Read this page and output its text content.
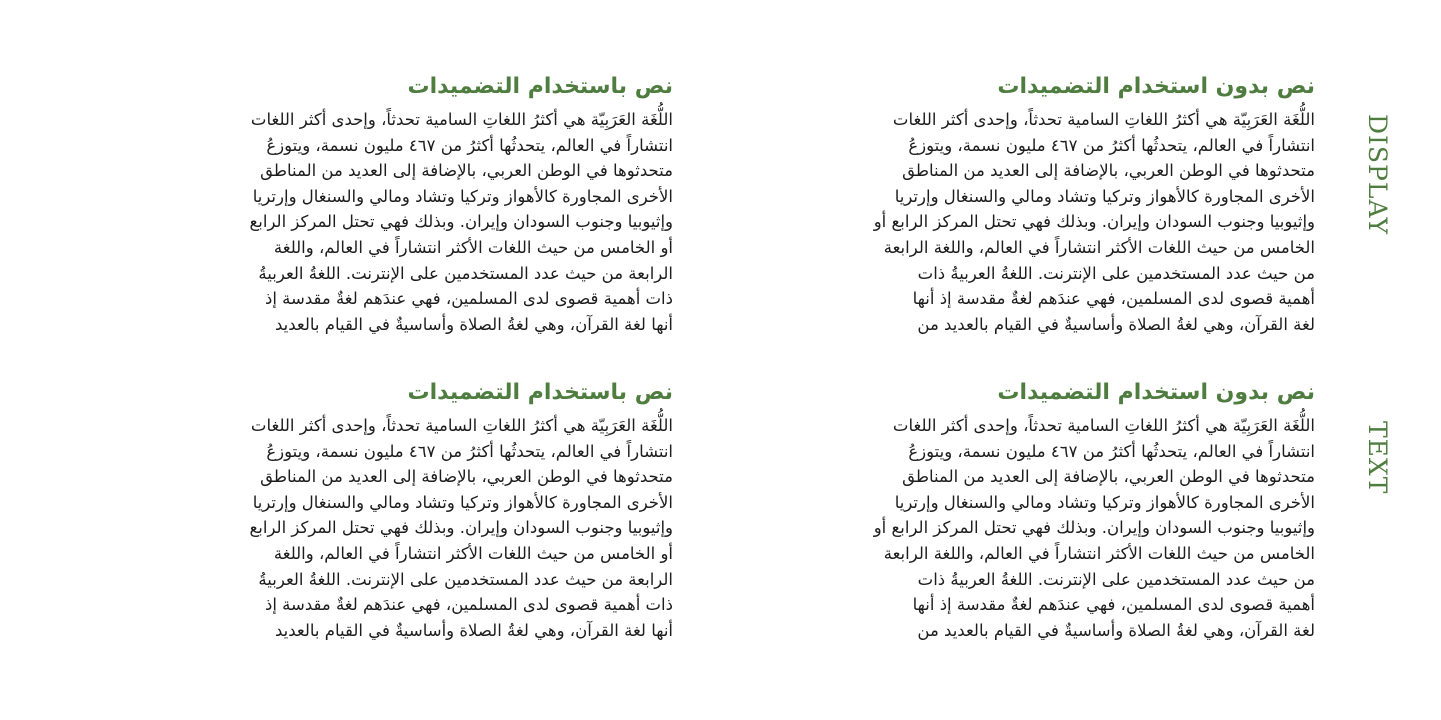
نص بدون استخدام التضميدات
اللُّغَة العَرَبِيّة هي أكثرُ اللغاتِ السامية تحدثاً، وإحدى أكثر اللغات
انتشاراً في العالم، يتحدثُها أكثرُ من ٤٦٧ مليون نسمة، ويتوزعُ
متحدثوها في الوطن العربي، بالإضافة إلى العديد من المناطق
الأخرى المجاورة كالأهواز وتركيا وتشاد ومالي والسنغال وإرتريا
وإثيوبيا وجنوب السودان وإيران. وبذلك فهي تحتل المركز الرابع أو
الخامس من حيث اللغات الأكثر انتشاراً في العالم، واللغة الرابعة
من حيث عدد المستخدمين على الإنترنت. اللغةُ العربيةُ ذات
أهمية قصوى لدى المسلمين، فهي عندَهم لغةٌ مقدسة إذ أنها
لغة القرآن، وهي لغةُ الصلاة وأساسيةٌ في القيام بالعديد من
نص باستخدام التضميدات
اللُّغَة العَرَبِيّة هي أكثرُ اللغاتِ السامية تحدثاً، وإحدى أكثر اللغات
انتشاراً في العالم، يتحدثُها أكثرُ من ٤٦٧ مليون نسمة، ويتوزعُ
متحدثوها في الوطن العربي، بالإضافة إلى العديد من المناطق
الأخرى المجاورة كالأهواز وتركيا وتشاد ومالي والسنغال وإرتريا
وإثيوبيا وجنوب السودان وإيران. وبذلك فهي تحتل المركز الرابع
أو الخامس من حيث اللغات الأكثر انتشاراً في العالم، واللغة
الرابعة من حيث عدد المستخدمين على الإنترنت. اللغةُ العربيةُ
ذات أهمية قصوى لدى المسلمين، فهي عندَهم لغةٌ مقدسة إذ
أنها لغة القرآن، وهي لغةُ الصلاة وأساسيةٌ في القيام بالعديد
نص بدون استخدام التضميدات
اللُّغَة العَرَبِيّة هي أكثرُ اللغاتِ السامية تحدثاً، وإحدى أكثر اللغات
انتشاراً في العالم، يتحدثُها أكثرُ من ٤٦٧ مليون نسمة، ويتوزعُ
متحدثوها في الوطن العربي، بالإضافة إلى العديد من المناطق
الأخرى المجاورة كالأهواز وتركيا وتشاد ومالي والسنغال وإرتريا
وإثيوبيا وجنوب السودان وإيران. وبذلك فهي تحتل المركز الرابع أو
الخامس من حيث اللغات الأكثر انتشاراً في العالم، واللغة الرابعة
من حيث عدد المستخدمين على الإنترنت. اللغةُ العربيةُ ذات
أهمية قصوى لدى المسلمين، فهي عندَهم لغةٌ مقدسة إذ أنها
لغة القرآن، وهي لغةُ الصلاة وأساسيةٌ في القيام بالعديد من
نص باستخدام التضميدات
اللُّغَة العَرَبِيّة هي أكثرُ اللغاتِ السامية تحدثاً، وإحدى أكثر اللغات
انتشاراً في العالم، يتحدثُها أكثرُ من ٤٦٧ مليون نسمة، ويتوزعُ
متحدثوها في الوطن العربي، بالإضافة إلى العديد من المناطق
الأخرى المجاورة كالأهواز وتركيا وتشاد ومالي والسنغال وإرتريا
وإثيوبيا وجنوب السودان وإيران. وبذلك فهي تحتل المركز الرابع
أو الخامس من حيث اللغات الأكثر انتشاراً في العالم، واللغة
الرابعة من حيث عدد المستخدمين على الإنترنت. اللغةُ العربيةُ
ذات أهمية قصوى لدى المسلمين، فهي عندَهم لغةٌ مقدسة إذ
أنها لغة القرآن، وهي لغةُ الصلاة وأساسيةٌ في القيام بالعديد
DISPLAY
TEXT
